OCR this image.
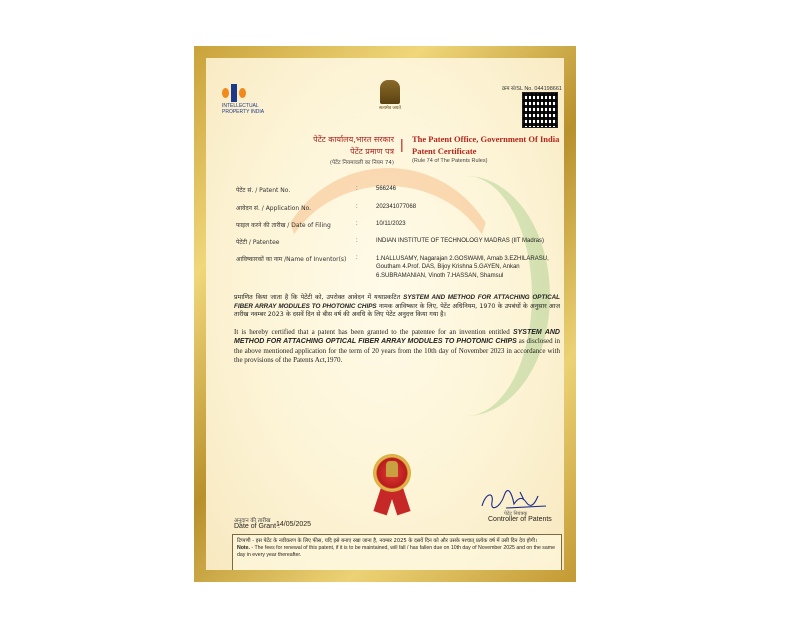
INTELLECTUAL PROPERTY INDIA
सत्यमेव जयते
क्रम सं/SL No. 044198661
पेटेंट कार्यालय,भारत सरकार The Patent Office, Government Of India
पेटेंट प्रमाण पत्र | Patent Certificate
(पेटेंट नियमावली का नियम 74)	(Rule 74 of The Patents Rules)
पेटेंट सं. / Patent No.	:	566246
आवेदन सं. / Application No.	:	202341077068
फाइल करने की तारीख / Date of Filing	:	10/11/2023
पेटेंटी / Patentee	:	INDIAN INSTITUTE OF TECHNOLOGY MADRAS (IIT Madras)
आविष्कारकों का नाम /Name of Inventor(s) :	1.NALLUSAMY, Nagarajan 2.GOSWAMI, Arnab 3.EZHILARASU, Goutham 4.Prof. DAS, Bijoy Krishna 5.GAYEN, Ankan 6.SUBRAMANIAN, Vinoth 7.HASSAN, Shamsul
प्रमाणित किया जाता है कि पेटेंटी को, उपरोक्त आवेदन में यथाप्रकटित SYSTEM AND METHOD FOR ATTACHING OPTICAL FIBER ARRAY MODULES TO PHOTONIC CHIPS नामक आविष्कार के लिए, पेटेंट अधिनियम, 1970 के उपबंधों के अनुसार आज तारीख नवम्बर 2023 के दसवें दिन से बीस वर्ष की अवधि के लिए पेटेंट अनुदत्त किया गया है।
It is hereby certified that a patent has been granted to the patentee for an invention entitled SYSTEM AND METHOD FOR ATTACHING OPTICAL FIBER ARRAY MODULES TO PHOTONIC CHIPS as disclosed in the above mentioned application for the term of 20 years from the 10th day of November 2023 in accordance with the provisions of the Patents Act,1970.
पेटेंट नियंत्रक
Controller of Patents
अनुदान की तारीख
Date of Grant :
14/05/2025
टिप्पणी - इस पेटेंट के नवीकरण के लिए फीस, यदि इसे बनाए रखा जाना है, नवम्बर 2025 के दसवें दिन को और उसके पश्चात् प्रत्येक वर्ष में उसी दिन देय होगी।
Note. - The fees for renewal of this patent, if it is to be maintained, will fall / has fallen due on 10th day of November 2025 and on the same day in every year thereafter.
